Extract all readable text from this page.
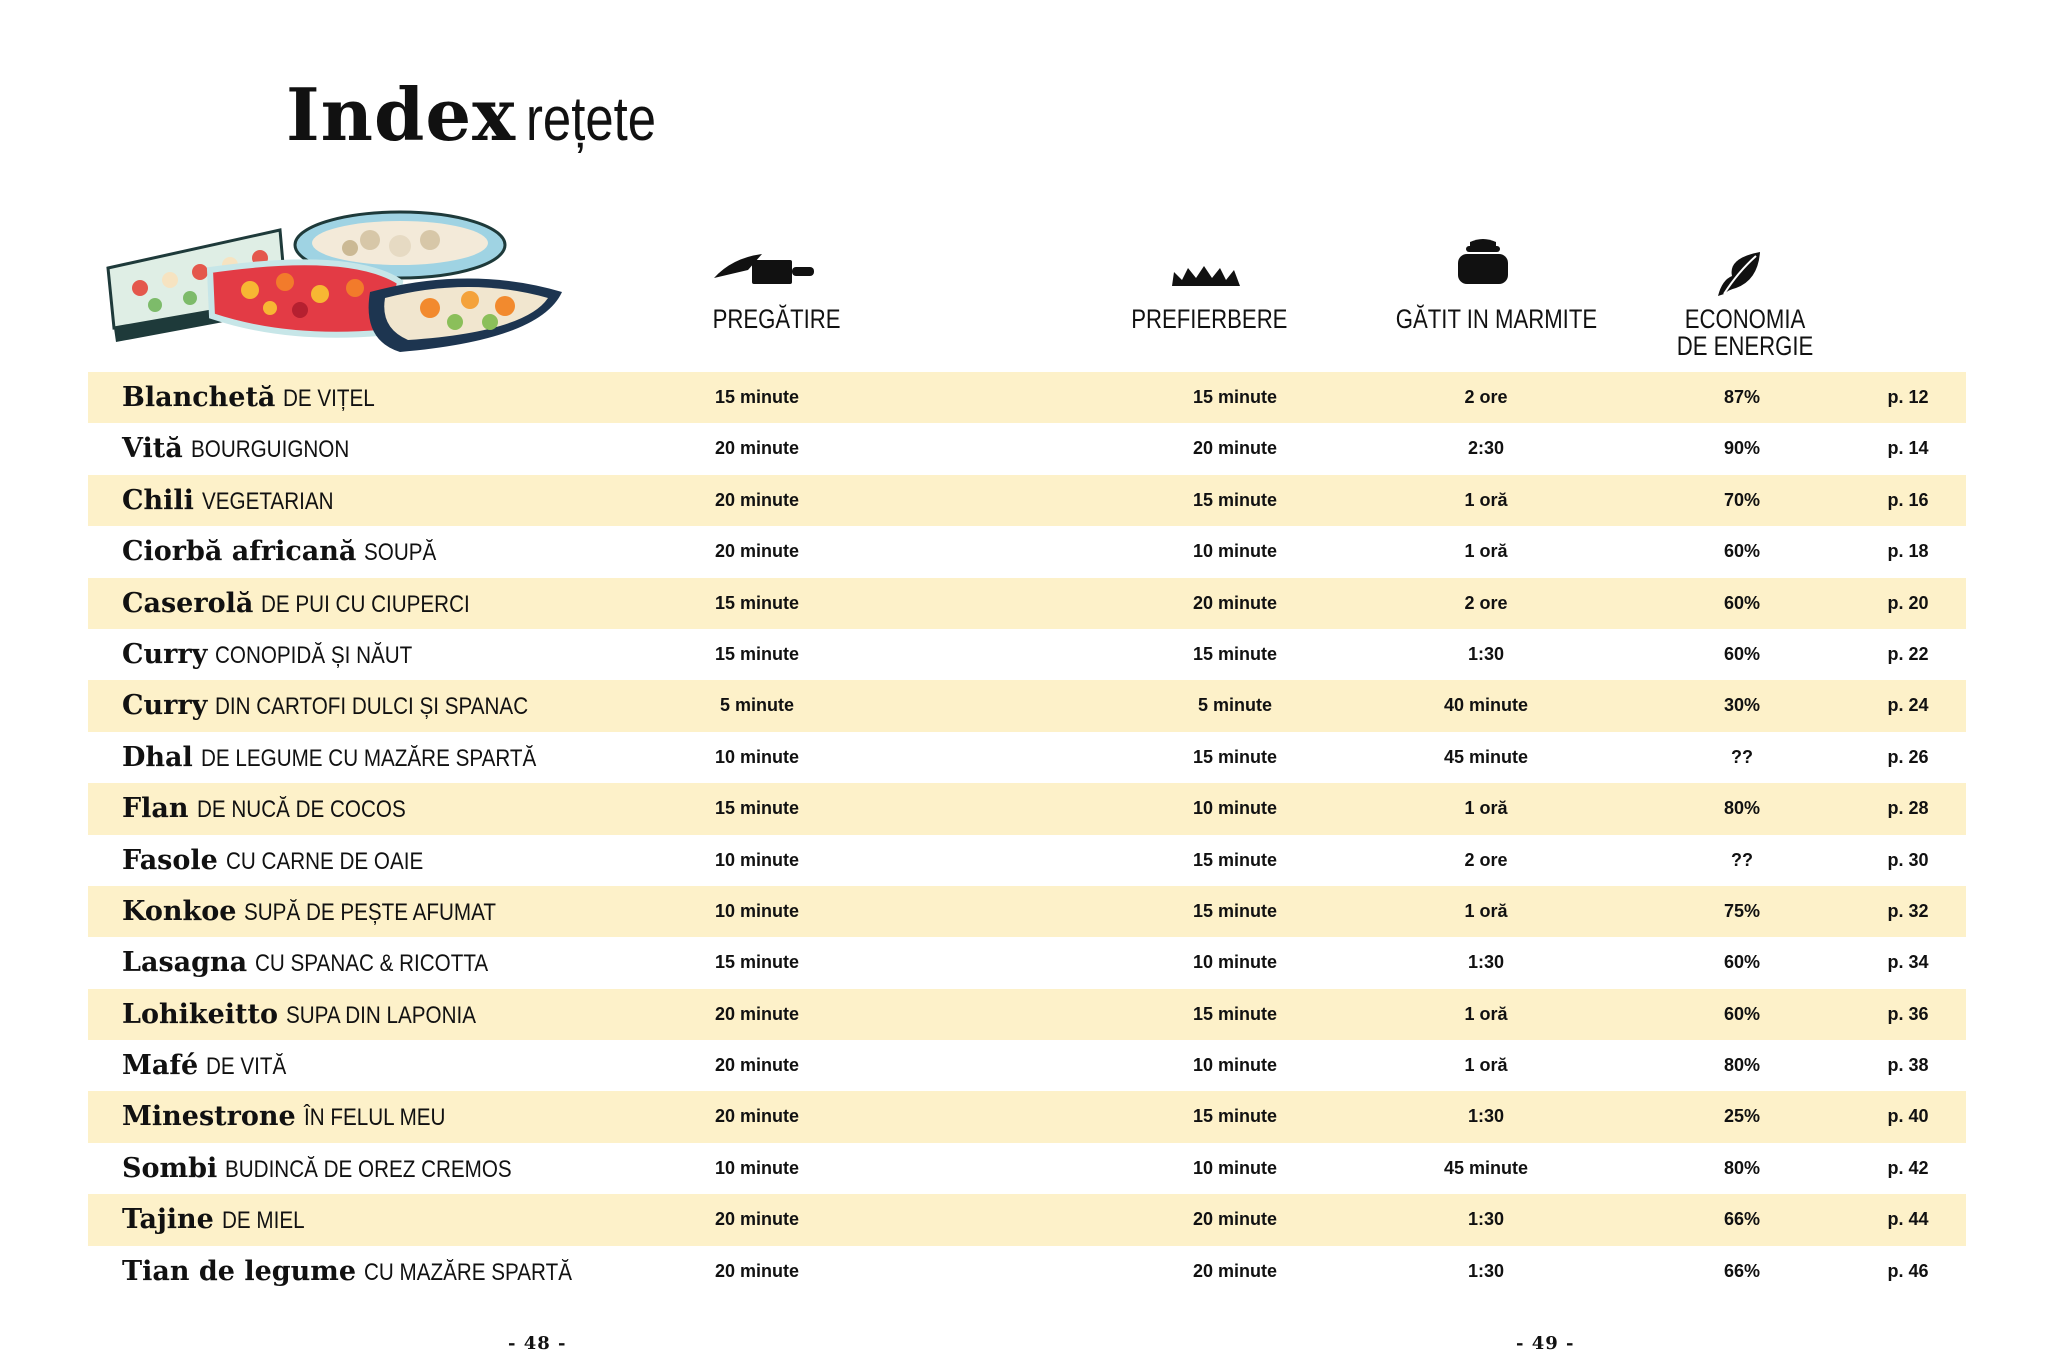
Index rețete
PREGĂTIRE	PREFIERBERE	GĂTIT IN MARMITE	ECONOMIA DE ENERGIE
Blanchetă DE VIȚEL	15 minute	15 minute	2 ore	87%	p. 12
Vită BOURGUIGNON	20 minute	20 minute	2:30	90%	p. 14
Chili VEGETARIAN	20 minute	15 minute	1 oră	70%	p. 16
Ciorbă africană SOUPĂ	20 minute	10 minute	1 oră	60%	p. 18
Caserolă DE PUI CU CIUPERCI	15 minute	20 minute	2 ore	60%	p. 20
Curry CONOPIDĂ ȘI NĂUT	15 minute	15 minute	1:30	60%	p. 22
Curry DIN CARTOFI DULCI ȘI SPANAC	5 minute	5 minute	40 minute	30%	p. 24
Dhal DE LEGUME CU MAZĂRE SPARTĂ	10 minute	15 minute	45 minute	??	p. 26
Flan DE NUCĂ DE COCOS	15 minute	10 minute	1 oră	80%	p. 28
Fasole CU CARNE DE OAIE	10 minute	15 minute	2 ore	??	p. 30
Konkoe SUPĂ DE PEȘTE AFUMAT	10 minute	15 minute	1 oră	75%	p. 32
Lasagna CU SPANAC & RICOTTA	15 minute	10 minute	1:30	60%	p. 34
Lohikeitto SUPA DIN LAPONIA	20 minute	15 minute	1 oră	60%	p. 36
Mafé DE VITĂ	20 minute	10 minute	1 oră	80%	p. 38
Minestrone ÎN FELUL MEU	20 minute	15 minute	1:30	25%	p. 40
Sombi BUDINCĂ DE OREZ CREMOS	10 minute	10 minute	45 minute	80%	p. 42
Tajine DE MIEL	20 minute	20 minute	1:30	66%	p. 44
Tian de legume CU MAZĂRE SPARTĂ	20 minute	20 minute	1:30	66%	p. 46
- 48 -	- 49 -
